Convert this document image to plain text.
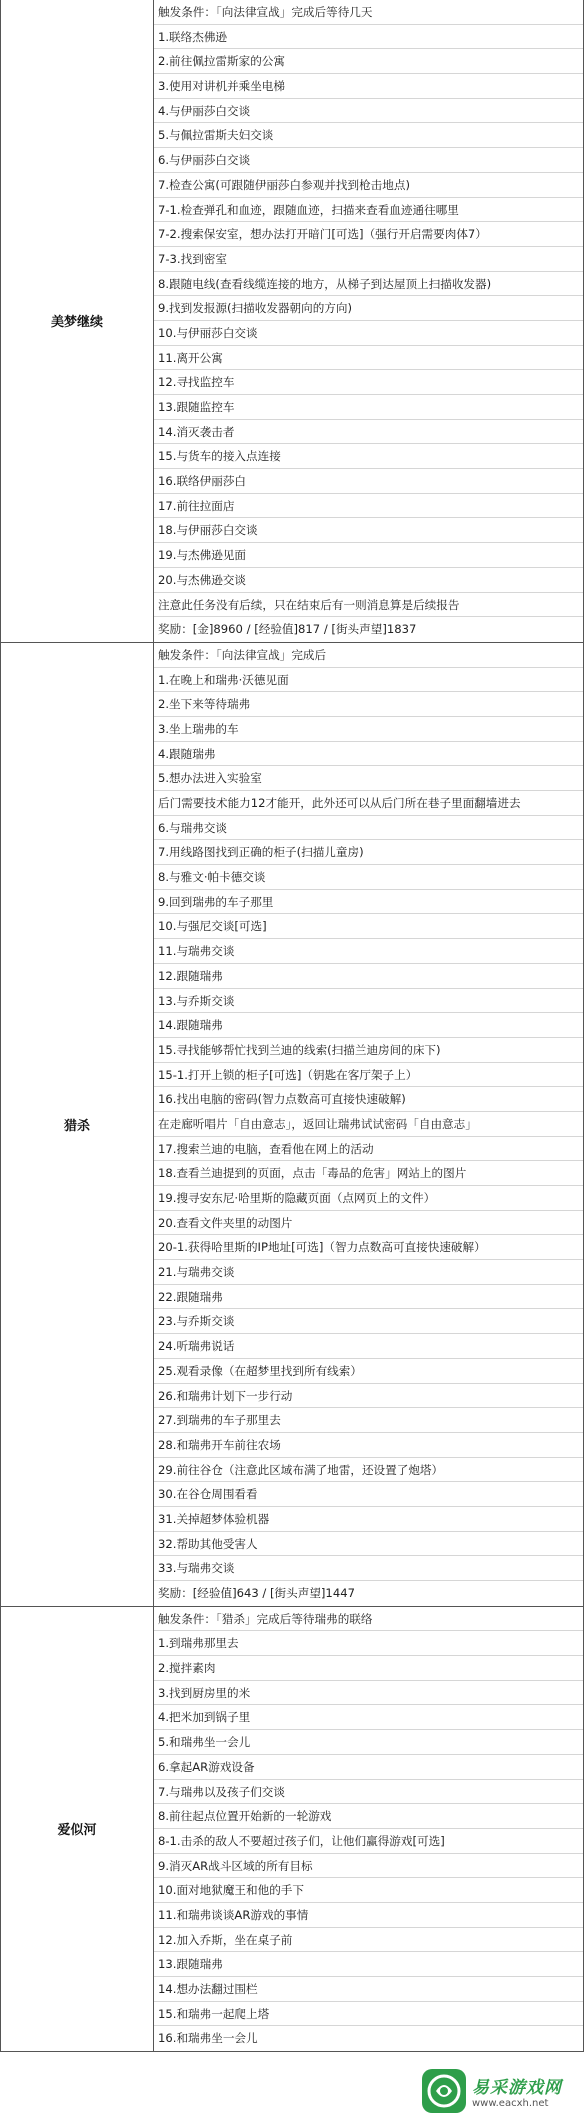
美梦继续
触发条件：「向法律宣战」完成后等待几天
1.联络杰佛逊
2.前往佩拉雷斯家的公寓
3.使用对讲机并乘坐电梯
4.与伊丽莎白交谈
5.与佩拉雷斯夫妇交谈
6.与伊丽莎白交谈
7.检查公寓(可跟随伊丽莎白参观并找到枪击地点)
7-1.检查弹孔和血迹，跟随血迹，扫描来查看血迹通往哪里
7-2.搜索保安室，想办法打开暗门[可选]（强行开启需要肉体7）
7-3.找到密室
8.跟随电线(查看线缆连接的地方，从梯子到达屋顶上扫描收发器)
9.找到发报源(扫描收发器朝向的方向)
10.与伊丽莎白交谈
11.离开公寓
12.寻找监控车
13.跟随监控车
14.消灭袭击者
15.与货车的接入点连接
16.联络伊丽莎白
17.前往拉面店
18.与伊丽莎白交谈
19.与杰佛逊见面
20.与杰佛逊交谈
注意此任务没有后续，只在结束后有一则消息算是后续报告
奖励：[金]8960 / [经验值]817 / [街头声望]1837
猎杀
触发条件：「向法律宣战」完成后
1.在晚上和瑞弗·沃德见面
2.坐下来等待瑞弗
3.坐上瑞弗的车
4.跟随瑞弗
5.想办法进入实验室
后门需要技术能力12才能开，此外还可以从后门所在巷子里面翻墙进去
6.与瑞弗交谈
7.用线路图找到正确的柜子(扫描儿童房)
8.与雅文·帕卡德交谈
9.回到瑞弗的车子那里
10.与强尼交谈[可选]
11.与瑞弗交谈
12.跟随瑞弗
13.与乔斯交谈
14.跟随瑞弗
15.寻找能够帮忙找到兰迪的线索(扫描兰迪房间的床下)
15-1.打开上锁的柜子[可选]（钥匙在客厅架子上）
16.找出电脑的密码(智力点数高可直接快速破解)
在走廊听唱片「自由意志」，返回让瑞弗试试密码「自由意志」
17.搜索兰迪的电脑，查看他在网上的活动
18.查看兰迪提到的页面，点击「毒品的危害」网站上的图片
19.搜寻安东尼·哈里斯的隐藏页面（点网页上的文件）
20.查看文件夹里的动图片
20-1.获得哈里斯的IP地址[可选]（智力点数高可直接快速破解）
21.与瑞弗交谈
22.跟随瑞弗
23.与乔斯交谈
24.听瑞弗说话
25.观看录像（在超梦里找到所有线索）
26.和瑞弗计划下一步行动
27.到瑞弗的车子那里去
28.和瑞弗开车前往农场
29.前往谷仓（注意此区域布满了地雷，还设置了炮塔）
30.在谷仓周围看看
31.关掉超梦体验机器
32.帮助其他受害人
33.与瑞弗交谈
奖励：[经验值]643 / [街头声望]1447
爱似河
触发条件：「猎杀」完成后等待瑞弗的联络
1.到瑞弗那里去
2.搅拌素肉
3.找到厨房里的米
4.把米加到锅子里
5.和瑞弗坐一会儿
6.拿起AR游戏设备
7.与瑞弗以及孩子们交谈
8.前往起点位置开始新的一轮游戏
8-1.击杀的敌人不要超过孩子们，让他们赢得游戏[可选]
9.消灭AR战斗区域的所有目标
10.面对地狱魔王和他的手下
11.和瑞弗谈谈AR游戏的事情
12.加入乔斯，坐在桌子前
13.跟随瑞弗
14.想办法翻过围栏
15.和瑞弗一起爬上塔
16.和瑞弗坐一会儿
易采游戏网
www.eacxh.net
